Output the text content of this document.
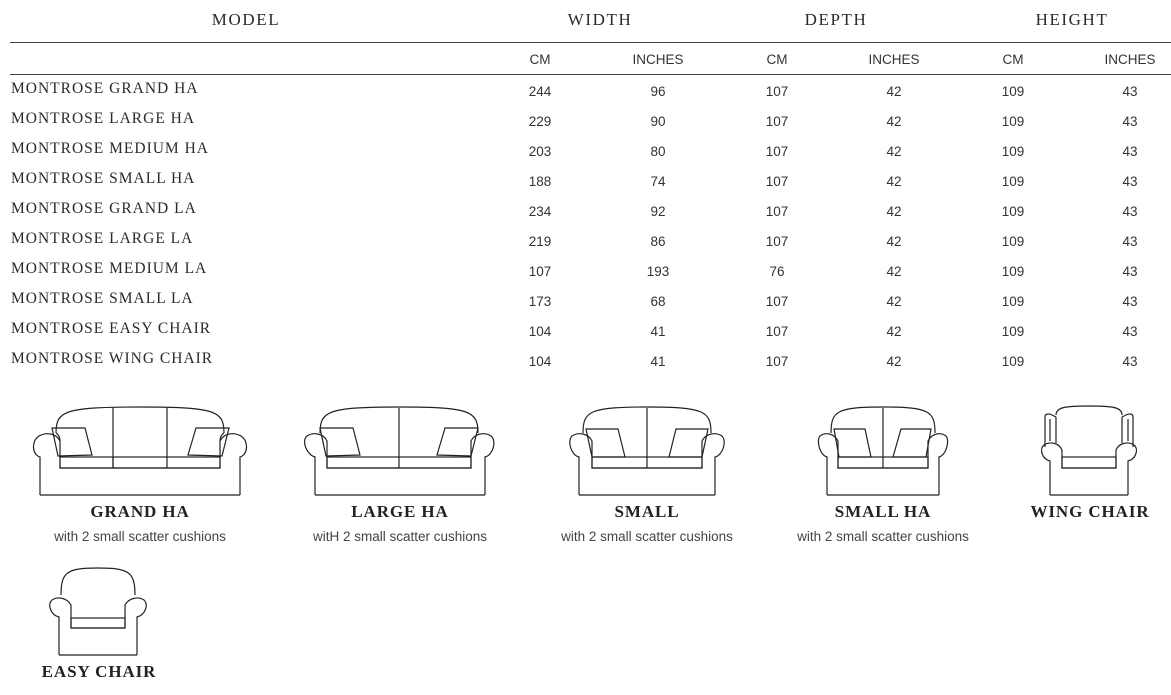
MODEL	WIDTH	DEPTH	HEIGHT
CM	INCHES	CM	INCHES	CM	INCHES
MONTROSE GRAND HA	244	96	107	42	109	43
MONTROSE LARGE HA	229	90	107	42	109	43
MONTROSE MEDIUM HA	203	80	107	42	109	43
MONTROSE SMALL HA	188	74	107	42	109	43
MONTROSE GRAND LA	234	92	107	42	109	43
MONTROSE LARGE LA	219	86	107	42	109	43
MONTROSE MEDIUM LA	107	193	76	42	109	43
MONTROSE SMALL LA	173	68	107	42	109	43
MONTROSE EASY CHAIR	104	41	107	42	109	43
MONTROSE WING CHAIR	104	41	107	42	109	43
GRAND HA
with 2 small scatter cushions
LARGE HA
witH 2 small scatter cushions
SMALL
with 2 small scatter cushions
SMALL HA
with 2 small scatter cushions
WING CHAIR
EASY CHAIR
